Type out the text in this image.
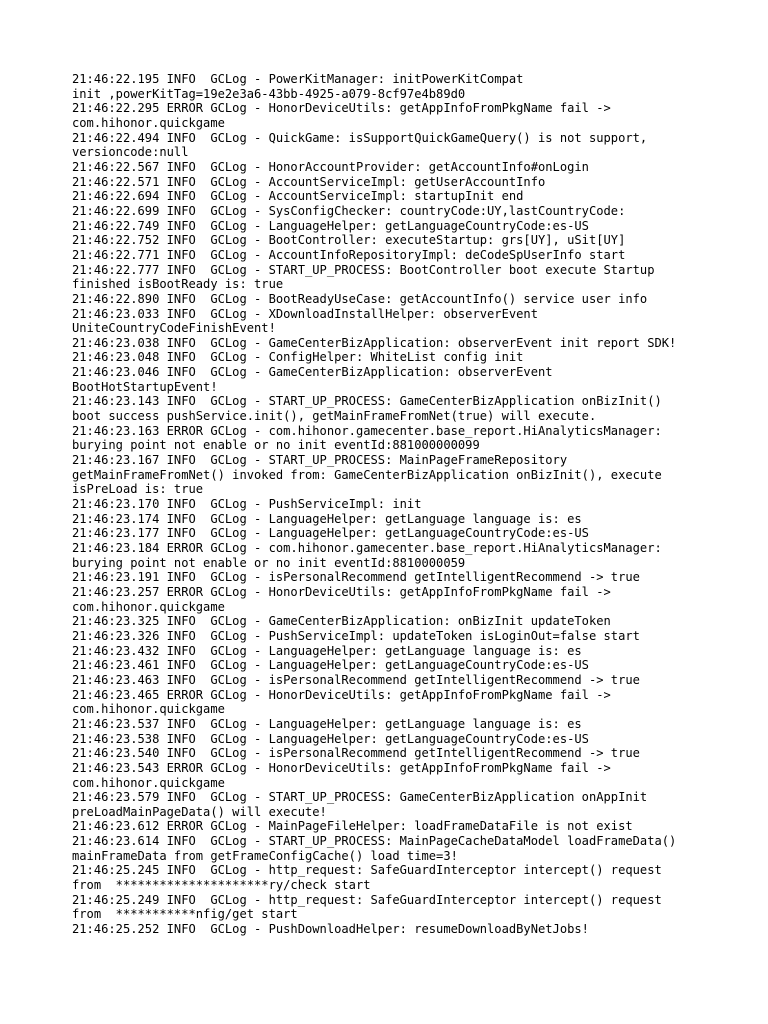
21:46:22.195 INFO  GCLog - PowerKitManager: initPowerKitCompat
init ,powerKitTag=19e2e3a6-43bb-4925-a079-8cf97e4b89d0
21:46:22.295 ERROR GCLog - HonorDeviceUtils: getAppInfoFromPkgName fail ->
com.hihonor.quickgame
21:46:22.494 INFO  GCLog - QuickGame: isSupportQuickGameQuery() is not support,
versioncode:null
21:46:22.567 INFO  GCLog - HonorAccountProvider: getAccountInfo#onLogin
21:46:22.571 INFO  GCLog - AccountServiceImpl: getUserAccountInfo
21:46:22.694 INFO  GCLog - AccountServiceImpl: startupInit end
21:46:22.699 INFO  GCLog - SysConfigChecker: countryCode:UY,lastCountryCode:
21:46:22.749 INFO  GCLog - LanguageHelper: getLanguageCountryCode:es-US
21:46:22.752 INFO  GCLog - BootController: executeStartup: grs[UY], uSit[UY]
21:46:22.771 INFO  GCLog - AccountInfoRepositoryImpl: deCodeSpUserInfo start
21:46:22.777 INFO  GCLog - START_UP_PROCESS: BootController boot execute Startup
finished isBootReady is: true
21:46:22.890 INFO  GCLog - BootReadyUseCase: getAccountInfo() service user info
21:46:23.033 INFO  GCLog - XDownloadInstallHelper: observerEvent
UniteCountryCodeFinishEvent!
21:46:23.038 INFO  GCLog - GameCenterBizApplication: observerEvent init report SDK!
21:46:23.048 INFO  GCLog - ConfigHelper: WhiteList config init
21:46:23.046 INFO  GCLog - GameCenterBizApplication: observerEvent
BootHotStartupEvent!
21:46:23.143 INFO  GCLog - START_UP_PROCESS: GameCenterBizApplication onBizInit()
boot success pushService.init(), getMainFrameFromNet(true) will execute.
21:46:23.163 ERROR GCLog - com.hihonor.gamecenter.base_report.HiAnalyticsManager:
burying point not enable or no init eventId:881000000099
21:46:23.167 INFO  GCLog - START_UP_PROCESS: MainPageFrameRepository
getMainFrameFromNet() invoked from: GameCenterBizApplication onBizInit(), execute
isPreLoad is: true
21:46:23.170 INFO  GCLog - PushServiceImpl: init
21:46:23.174 INFO  GCLog - LanguageHelper: getLanguage language is: es
21:46:23.177 INFO  GCLog - LanguageHelper: getLanguageCountryCode:es-US
21:46:23.184 ERROR GCLog - com.hihonor.gamecenter.base_report.HiAnalyticsManager:
burying point not enable or no init eventId:8810000059
21:46:23.191 INFO  GCLog - isPersonalRecommend getIntelligentRecommend -> true
21:46:23.257 ERROR GCLog - HonorDeviceUtils: getAppInfoFromPkgName fail ->
com.hihonor.quickgame
21:46:23.325 INFO  GCLog - GameCenterBizApplication: onBizInit updateToken
21:46:23.326 INFO  GCLog - PushServiceImpl: updateToken isLoginOut=false start
21:46:23.432 INFO  GCLog - LanguageHelper: getLanguage language is: es
21:46:23.461 INFO  GCLog - LanguageHelper: getLanguageCountryCode:es-US
21:46:23.463 INFO  GCLog - isPersonalRecommend getIntelligentRecommend -> true
21:46:23.465 ERROR GCLog - HonorDeviceUtils: getAppInfoFromPkgName fail ->
com.hihonor.quickgame
21:46:23.537 INFO  GCLog - LanguageHelper: getLanguage language is: es
21:46:23.538 INFO  GCLog - LanguageHelper: getLanguageCountryCode:es-US
21:46:23.540 INFO  GCLog - isPersonalRecommend getIntelligentRecommend -> true
21:46:23.543 ERROR GCLog - HonorDeviceUtils: getAppInfoFromPkgName fail ->
com.hihonor.quickgame
21:46:23.579 INFO  GCLog - START_UP_PROCESS: GameCenterBizApplication onAppInit
preLoadMainPageData() will execute!
21:46:23.612 ERROR GCLog - MainPageFileHelper: loadFrameDataFile is not exist
21:46:23.614 INFO  GCLog - START_UP_PROCESS: MainPageCacheDataModel loadFrameData()
mainFrameData from getFrameConfigCache() load time=3!
21:46:25.245 INFO  GCLog - http_request: SafeGuardInterceptor intercept() request
from  *********************ry/check start
21:46:25.249 INFO  GCLog - http_request: SafeGuardInterceptor intercept() request
from  ***********nfig/get start
21:46:25.252 INFO  GCLog - PushDownloadHelper: resumeDownloadByNetJobs!
